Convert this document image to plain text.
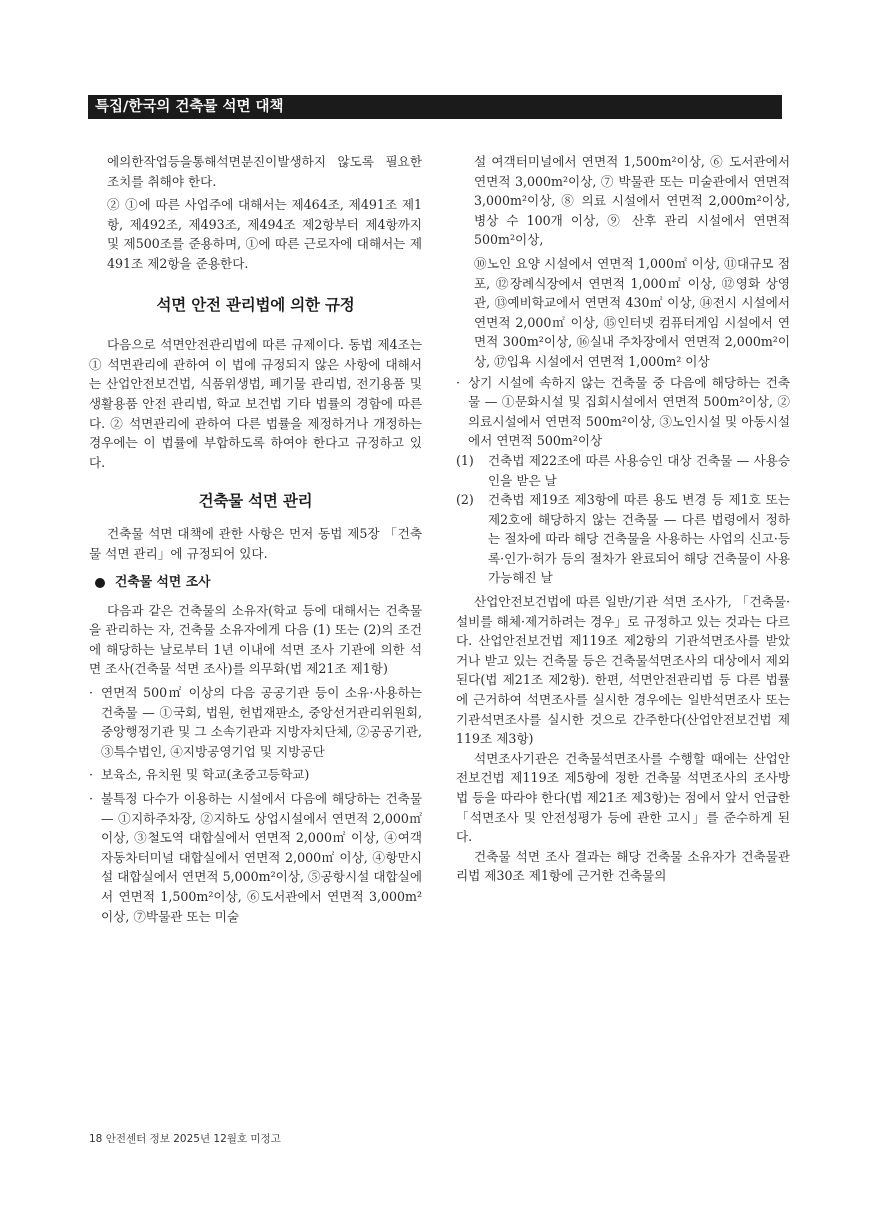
특집/한국의 건축물 석면 대책

에의한작업등을통해석면분진이발생하지 않도록 필요한 조치를 취해야 한다.

② ①에 따른 사업주에 대해서는 제464조, 제491조 제1항, 제492조, 제493조, 제494조 제2항부터 제4항까지 및 제500조를 준용하며, ①에 따른 근로자에 대해서는 제491조 제2항을 준용한다.

석면 안전 관리법에 의한 규정

다음으로 석면안전관리법에 따른 규제이다. 동법 제4조는 ① 석면관리에 관하여 이 법에 규정되지 않은 사항에 대해서는 산업안전보건법, 식품위생법, 폐기물 관리법, 전기용품 및 생활용품 안전 관리법, 학교 보건법 기타 법률의 경함에 따른다. ② 석면관리에 관하여 다른 법률을 제정하거나 개정하는 경우에는 이 법률에 부합하도록 하여야 한다고 규정하고 있다.

건축물 석면 관리

건축물 석면 대책에 관한 사항은 먼저 동법 제5장 「건축물 석면 관리」에 규정되어 있다.

건축물 석면 조사

다음과 같은 건축물의 소유자(학교 등에 대해서는 건축물을 관리하는 자, 건축물 소유자에게 다음 (1) 또는 (2)의 조건에 해당하는 날로부터 1년 이내에 석면 조사 기관에 의한 석면 조사(건축물 석면 조사)를 의무화(법 제21조 제1항)

· 연면적 500㎡ 이상의 다음 공공기관 등이 소유·사용하는 건축물 — ①국회, 법원, 헌법재판소, 중앙선거관리위원회, 중앙행정기관 및 그 소속기관과 지방자치단체, ②공공기관, ③특수법인, ④지방공영기업 및 지방공단
· 보육소, 유치원 및 학교(초중고등학교)
· 불특정 다수가 이용하는 시설에서 다음에 해당하는 건축물 — ①지하주차장, ②지하도 상업시설에서 연면적 2,000㎡ 이상, ③철도역 대합실에서 연면적 2,000㎡ 이상, ④여객자동차터미널 대합실에서 연면적 2,000㎡ 이상, ④항만시설 대합실에서 연면적 5,000m²이상, ⑤공항시설 대합실에서 연면적 1,500m²이상, ⑥도서관에서 연면적 3,000m²이상, ⑦박물관 또는 미술

설 여객터미널에서 연면적 1,500m²이상, ⑥ 도서관에서 연면적 3,000m²이상, ⑦ 박물관 또는 미술관에서 연면적 3,000m²이상, ⑧ 의료 시설에서 연면적 2,000m²이상, 병상 수 100개 이상, ⑨ 산후 관리 시설에서 연면적 500m²이상,

⑩노인 요양 시설에서 연면적 1,000㎡ 이상, ⑪대규모 점포, ⑫장례식장에서 연면적 1,000㎡ 이상, ⑫영화 상영관, ⑬예비학교에서 연면적 430㎡ 이상, ⑭전시 시설에서 연면적 2,000㎡ 이상, ⑮인터넷 컴퓨터게임 시설에서 연면적 300m²이상, ⑯실내 주차장에서 연면적 2,000m²이상, ⑰입욕 시설에서 연면적 1,000m² 이상

· 상기 시설에 속하지 않는 건축물 중 다음에 해당하는 건축물 — ①문화시설 및 집회시설에서 연면적 500m²이상, ②의료시설에서 연면적 500m²이상, ③노인시설 및 아동시설에서 연면적 500m²이상
(1)	건축법 제22조에 따른 사용승인 대상 건축물 — 사용승인을 받은 날
(2)	건축법 제19조 제3항에 따른 용도 변경 등 제1호 또는 제2호에 해당하지 않는 건축물 — 다른 법령에서 정하는 절차에 따라 해당 건축물을 사용하는 사업의 신고·등록·인가·허가 등의 절차가 완료되어 해당 건축물이 사용 가능해진 날

산업안전보건법에 따른 일반/기관 석면 조사가, 「건축물·설비를 해체·제거하려는 경우」로 규정하고 있는 것과는 다르다. 산업안전보건법 제119조 제2항의 기관석면조사를 받았거나 받고 있는 건축물 등은 건축물석면조사의 대상에서 제외된다(법 제21조 제2항). 한편, 석면안전관리법 등 다른 법률에 근거하여 석면조사를 실시한 경우에는 일반석면조사 또는 기관석면조사를 실시한 것으로 간주한다(산업안전보건법 제119조 제3항)

석면조사기관은 건축물석면조사를 수행할 때에는 산업안전보건법 제119조 제5항에 정한 건축물 석면조사의 조사방법 등을 따라야 한다(법 제21조 제3항)는 점에서 앞서 언급한 「석면조사 및 안전성평가 등에 관한 고시」를 준수하게 된다.

건축물 석면 조사 결과는 해당 건축물 소유자가 건축물관리법 제30조 제1항에 근거한 건축물의

18 안전센터 정보 2025년 12월호 미정고
